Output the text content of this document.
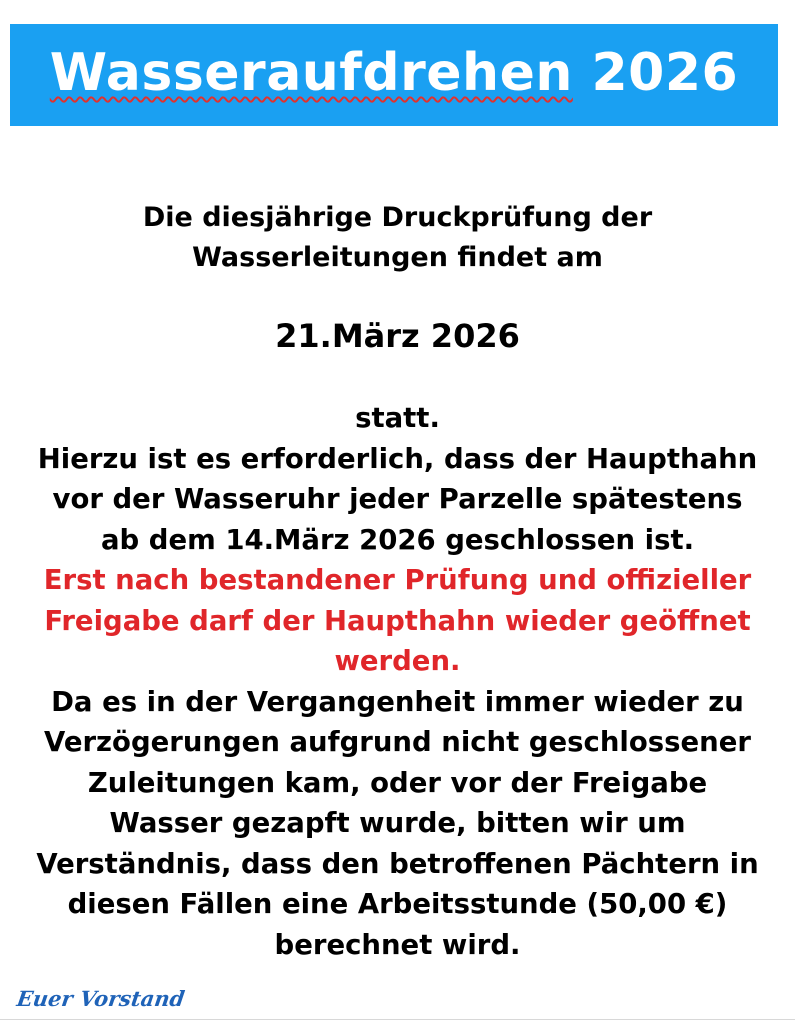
Wasseraufdrehen 2026

Die diesjährige Druckprüfung der
Wasserleitungen findet am

21.März 2026

statt.
Hierzu ist es erforderlich, dass der Haupthahn
vor der Wasseruhr jeder Parzelle spätestens
ab dem 14.März 2026 geschlossen ist.
Erst nach bestandener Prüfung und offizieller
Freigabe darf der Haupthahn wieder geöffnet
werden.
Da es in der Vergangenheit immer wieder zu
Verzögerungen aufgrund nicht geschlossener
Zuleitungen kam, oder vor der Freigabe
Wasser gezapft wurde, bitten wir um
Verständnis, dass den betroffenen Pächtern in
diesen Fällen eine Arbeitsstunde (50,00 €)
berechnet wird.

Euer Vorstand
